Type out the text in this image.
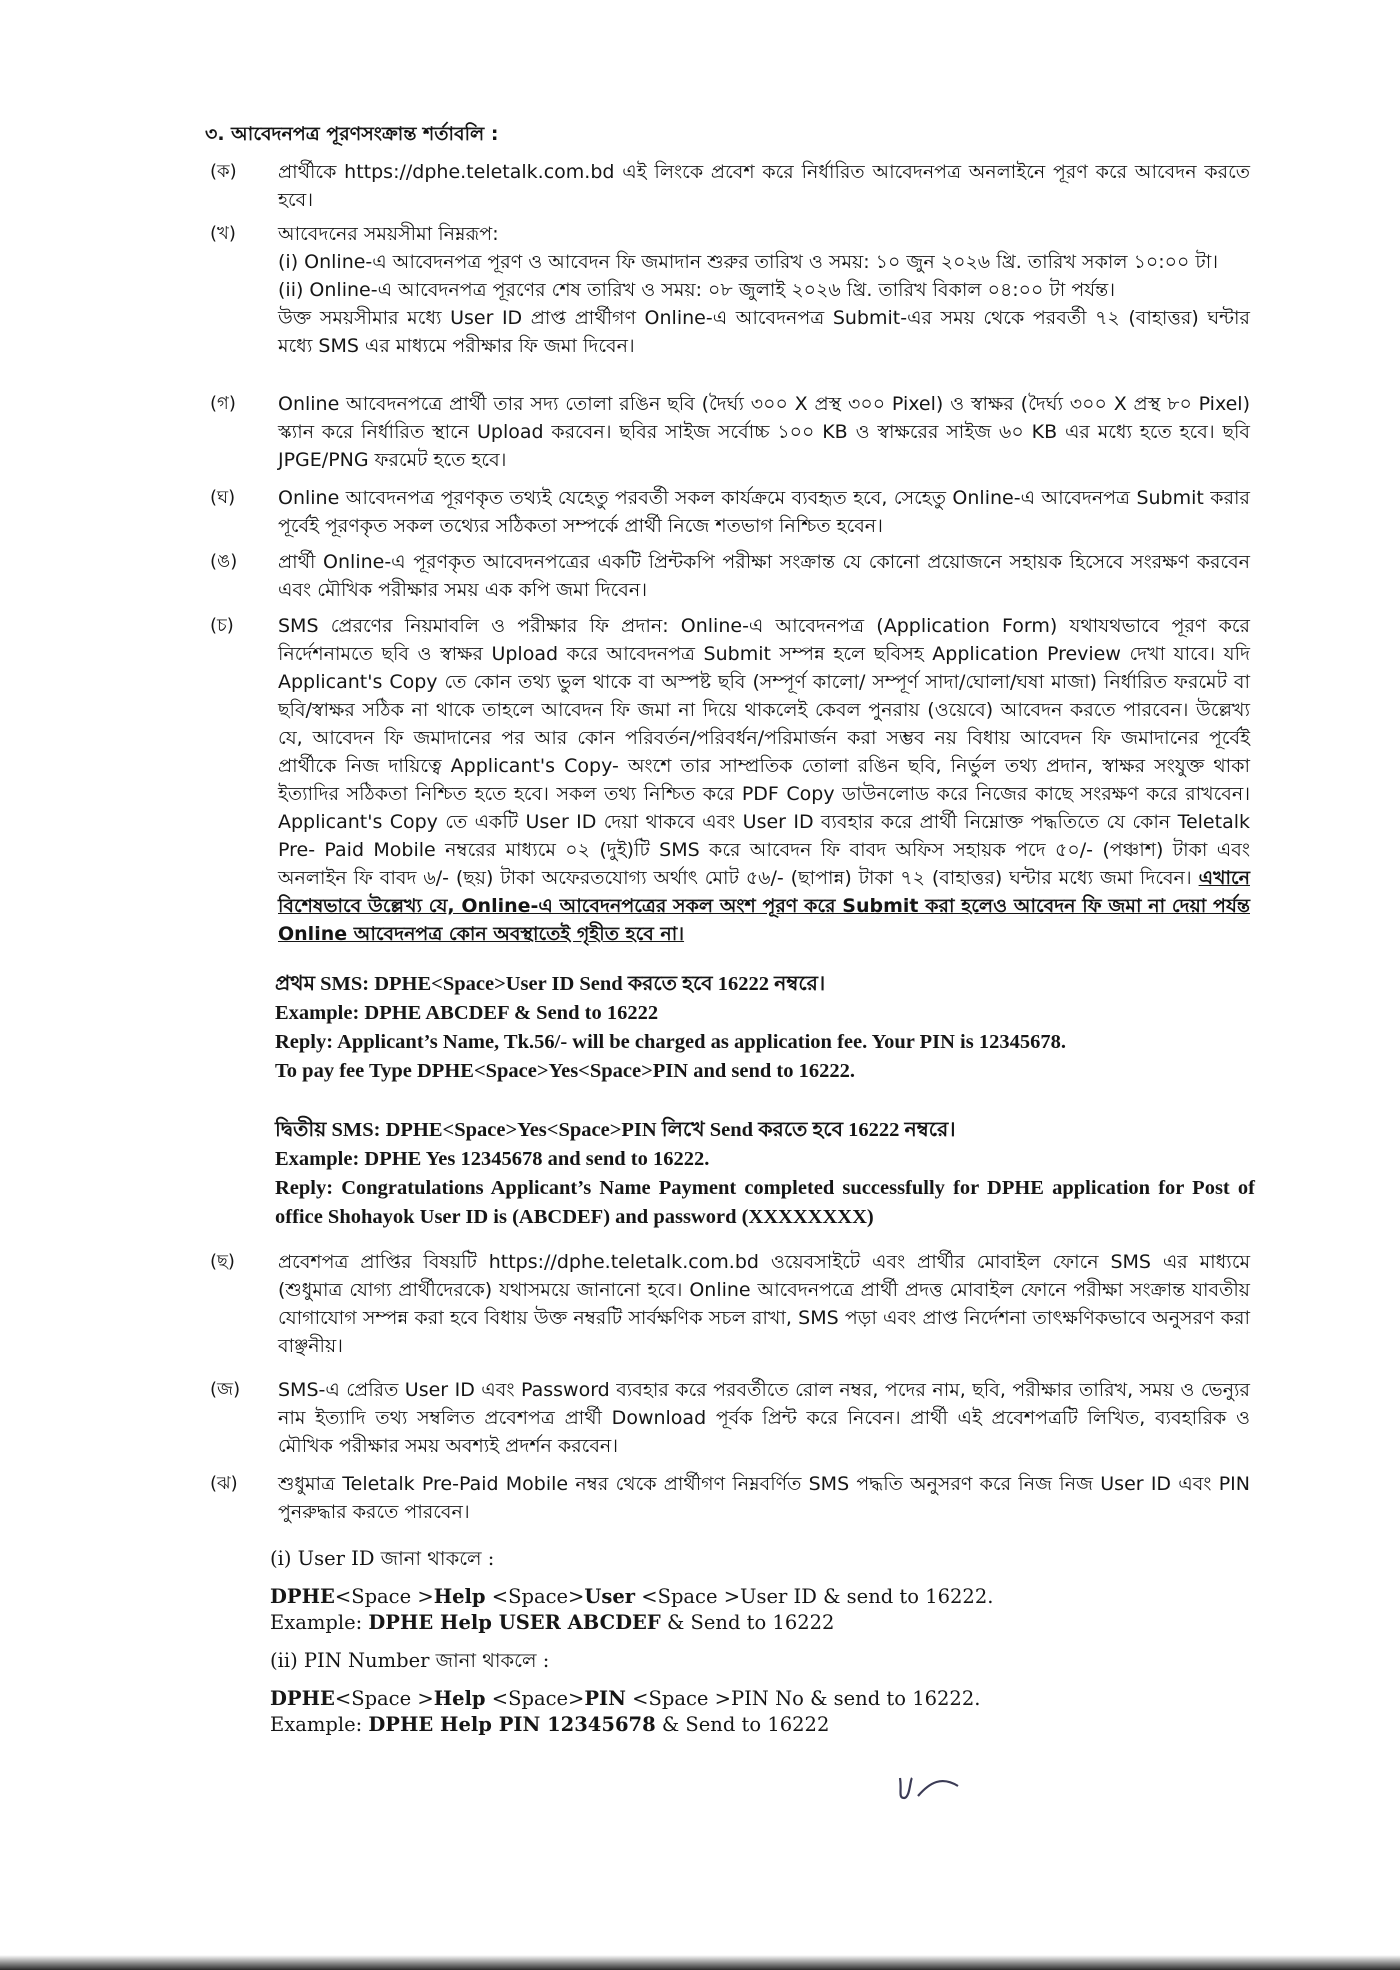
৩. আবেদনপত্র পূরণসংক্রান্ত শর্তাবলি :
(ক)	প্রার্থীকে https://dphe.teletalk.com.bd এই লিংকে প্রবেশ করে নির্ধারিত আবেদনপত্র অনলাইনে পূরণ করে আবেদন করতে হবে।

(খ)	আবেদনের সময়সীমা নিম্নরূপ:

(i) Online-এ আবেদনপত্র পূরণ ও আবেদন ফি জমাদান শুরুর তারিখ ও সময়: ১০ জুন ২০২৬ খ্রি. তারিখ সকাল ১০:০০ টা।

(ii) Online-এ আবেদনপত্র পূরণের শেষ তারিখ ও সময়: ০৮ জুলাই ২০২৬ খ্রি. তারিখ বিকাল ০৪:০০ টা পর্যন্ত।

উক্ত সময়সীমার মধ্যে User ID প্রাপ্ত প্রার্থীগণ Online-এ আবেদনপত্র Submit-এর সময় থেকে পরবর্তী ৭২ (বাহাত্তর) ঘন্টার মধ্যে SMS এর মাধ্যমে পরীক্ষার ফি জমা দিবেন।

(গ)	Online আবেদনপত্রে প্রার্থী তার সদ্য তোলা রঙিন ছবি (দৈর্ঘ্য ৩০০ X প্রস্থ ৩০০ Pixel) ও স্বাক্ষর (দৈর্ঘ্য ৩০০ X প্রস্থ ৮০ Pixel) স্ক্যান করে নির্ধারিত স্থানে Upload করবেন। ছবির সাইজ সর্বোচ্চ ১০০ KB ও স্বাক্ষরের সাইজ ৬০ KB এর মধ্যে হতে হবে। ছবি JPGE/PNG ফরমেট হতে হবে।

(ঘ)	Online আবেদনপত্র পূরণকৃত তথ্যই যেহেতু পরবর্তী সকল কার্যক্রমে ব্যবহৃত হবে, সেহেতু Online-এ আবেদনপত্র Submit করার পূর্বেই পূরণকৃত সকল তথ্যের সঠিকতা সম্পর্কে প্রার্থী নিজে শতভাগ নিশ্চিত হবেন।

(ঙ)	প্রার্থী Online-এ পূরণকৃত আবেদনপত্রের একটি প্রিন্টকপি পরীক্ষা সংক্রান্ত যে কোনো প্রয়োজনে সহায়ক হিসেবে সংরক্ষণ করবেন এবং মৌখিক পরীক্ষার সময় এক কপি জমা দিবেন।

(চ)	SMS প্রেরণের নিয়মাবলি ও পরীক্ষার ফি প্রদান: Online-এ আবেদনপত্র (Application Form) যথাযথভাবে পূরণ করে নির্দেশনামতে ছবি ও স্বাক্ষর Upload করে আবেদনপত্র Submit সম্পন্ন হলে ছবিসহ Application Preview দেখা যাবে। যদি Applicant's Copy তে কোন তথ্য ভুল থাকে বা অস্পষ্ট ছবি (সম্পূর্ণ কালো/ সম্পূর্ণ সাদা/ঘোলা/ঘষা মাজা) নির্ধারিত ফরমেট বা ছবি/স্বাক্ষর সঠিক না থাকে তাহলে আবেদন ফি জমা না দিয়ে থাকলেই কেবল পুনরায় (ওয়েবে) আবেদন করতে পারবেন। উল্লেখ্য যে, আবেদন ফি জমাদানের পর আর কোন পরিবর্তন/পরিবর্ধন/পরিমার্জন করা সম্ভব নয় বিধায় আবেদন ফি জমাদানের পূর্বেই প্রার্থীকে নিজ দায়িত্বে Applicant's Copy- অংশে তার সাম্প্রতিক তোলা রঙিন ছবি, নির্ভুল তথ্য প্রদান, স্বাক্ষর সংযুক্ত থাকা ইত্যাদির সঠিকতা নিশ্চিত হতে হবে। সকল তথ্য নিশ্চিত করে PDF Copy ডাউনলোড করে নিজের কাছে সংরক্ষণ করে রাখবেন। Applicant's Copy তে একটি User ID দেয়া থাকবে এবং User ID ব্যবহার করে প্রার্থী নিম্নোক্ত পদ্ধতিতে যে কোন Teletalk Pre- Paid Mobile নম্বরের মাধ্যমে ০২ (দুই)টি SMS করে আবেদন ফি বাবদ অফিস সহায়ক পদে ৫০/- (পঞ্চাশ) টাকা এবং অনলাইন ফি বাবদ ৬/- (ছয়) টাকা অফেরতযোগ্য অর্থাৎ মোট ৫৬/- (ছাপান্ন) টাকা ৭২ (বাহাত্তর) ঘন্টার মধ্যে জমা দিবেন। এখানে বিশেষভাবে উল্লেখ্য যে, Online-এ আবেদনপত্রের সকল অংশ পূরণ করে Submit করা হলেও আবেদন ফি জমা না দেয়া পর্যন্ত Online আবেদনপত্র কোন অবস্থাতেই গৃহীত হবে না।

প্রথম SMS: DPHE<Space>User ID Send করতে হবে 16222 নম্বরে।

Example: DPHE ABCDEF & Send to 16222

Reply: Applicant’s Name, Tk.56/- will be charged as application fee. Your PIN is 12345678.

To pay fee Type DPHE<Space>Yes<Space>PIN and send to 16222.

দ্বিতীয় SMS: DPHE<Space>Yes<Space>PIN লিখে Send করতে হবে 16222 নম্বরে।

Example: DPHE Yes 12345678 and send to 16222.

Reply: Congratulations Applicant’s Name Payment completed successfully for DPHE application for Post of office Shohayok User ID is (ABCDEF) and password (XXXXXXXX)

(ছ)	প্রবেশপত্র প্রাপ্তির বিষয়টি https://dphe.teletalk.com.bd ওয়েবসাইটে এবং প্রার্থীর মোবাইল ফোনে SMS এর মাধ্যমে (শুধুমাত্র যোগ্য প্রার্থীদেরকে) যথাসময়ে জানানো হবে। Online আবেদনপত্রে প্রার্থী প্রদত্ত মোবাইল ফোনে পরীক্ষা সংক্রান্ত যাবতীয় যোগাযোগ সম্পন্ন করা হবে বিধায় উক্ত নম্বরটি সার্বক্ষণিক সচল রাখা, SMS পড়া এবং প্রাপ্ত নির্দেশনা তাৎক্ষণিকভাবে অনুসরণ করা বাঞ্ছনীয়।

(জ)	SMS-এ প্রেরিত User ID এবং Password ব্যবহার করে পরবর্তীতে রোল নম্বর, পদের নাম, ছবি, পরীক্ষার তারিখ, সময় ও ভেন্যুর নাম ইত্যাদি তথ্য সম্বলিত প্রবেশপত্র প্রার্থী Download পূর্বক প্রিন্ট করে নিবেন। প্রার্থী এই প্রবেশপত্রটি লিখিত, ব্যবহারিক ও মৌখিক পরীক্ষার সময় অবশ্যই প্রদর্শন করবেন।

(ঝ)	শুধুমাত্র Teletalk Pre-Paid Mobile নম্বর থেকে প্রার্থীগণ নিম্নবর্ণিত SMS পদ্ধতি অনুসরণ করে নিজ নিজ User ID এবং PIN পুনরুদ্ধার করতে পারবেন।

(i) User ID জানা থাকলে :

DPHE<Space >Help <Space>User <Space >User ID & send to 16222.

Example: DPHE Help USER ABCDEF & Send to 16222

(ii) PIN Number জানা থাকলে :

DPHE<Space >Help <Space>PIN <Space >PIN No & send to 16222.

Example: DPHE Help PIN 12345678 & Send to 16222
